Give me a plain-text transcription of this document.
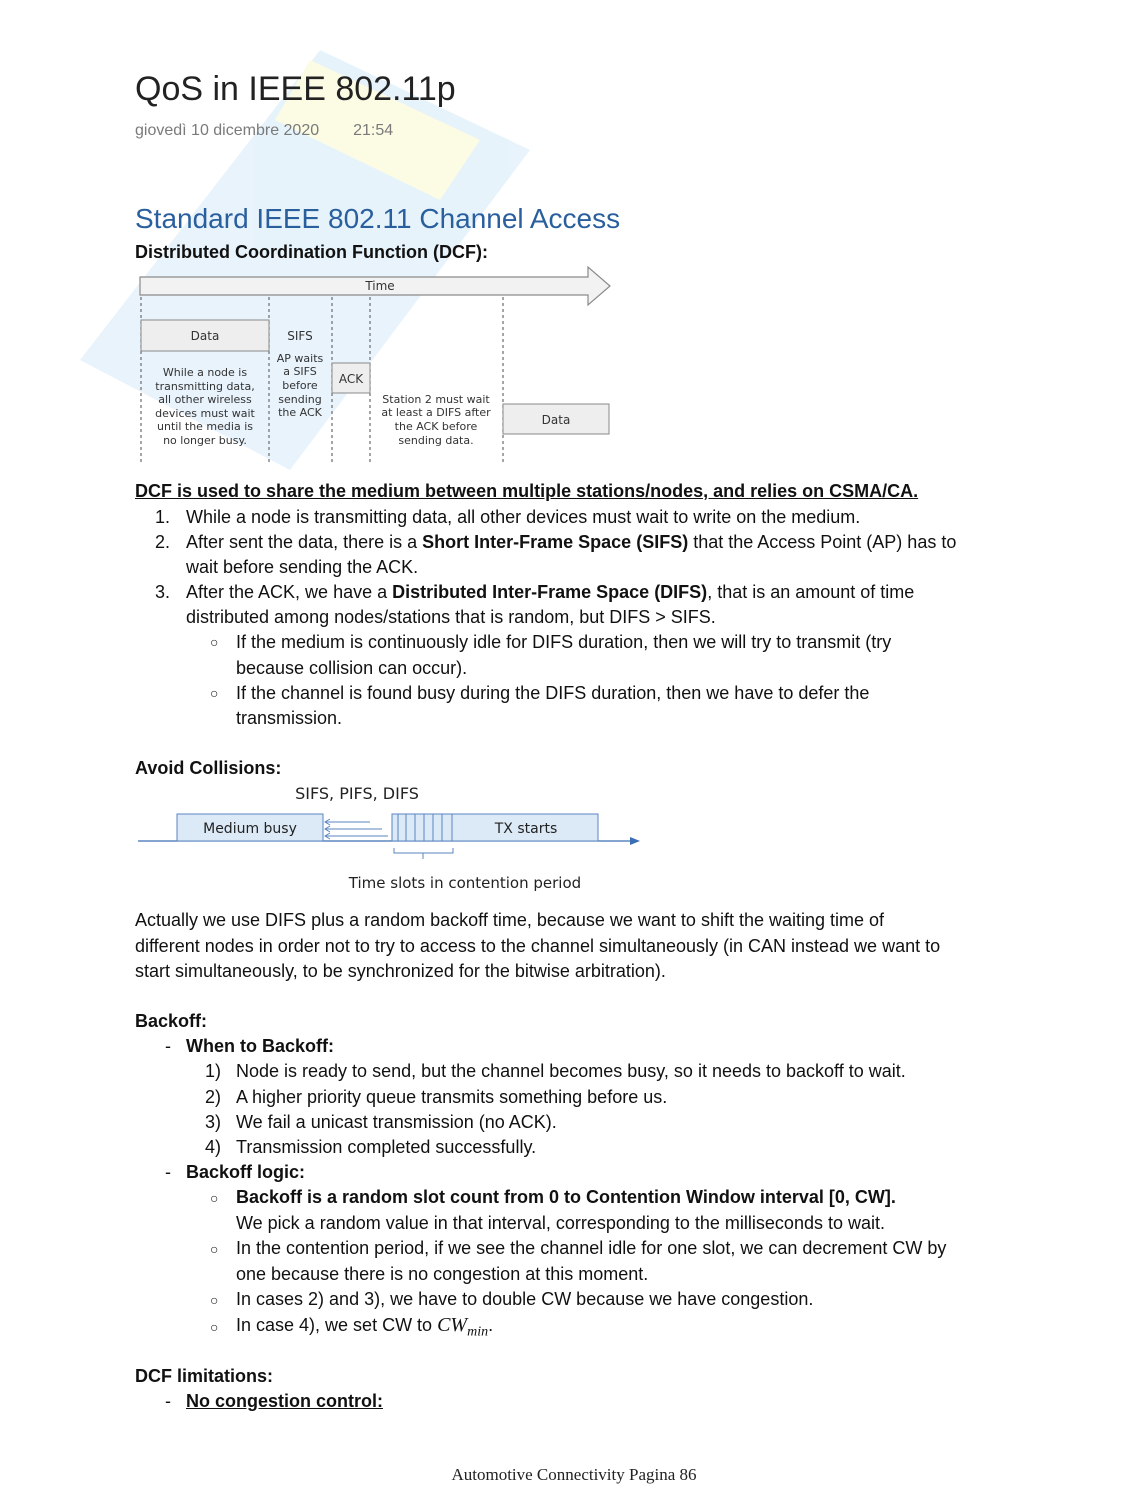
QoS in IEEE 802.11p
giovedì 10 dicembre 2020 21:54
Standard IEEE 802.11 Channel Access
Distributed Coordination Function (DCF):
Time
Data	SIFS
ACK
Data
While a node is
transmitting data,
all other wireless
devices must wait
until the media is
no longer busy.
AP waits
a SIFS
before
sending
the ACK
Station 2 must wait
at least a DIFS after
the ACK before
sending data.
DCF is used to share the medium between multiple stations/nodes, and relies on CSMA/CA.
1. While a node is transmitting data, all other devices must wait to write on the medium.
2. After sent the data, there is a Short Inter-Frame Space (SIFS) that the Access Point (AP) has to
wait before sending the ACK.
3. After the ACK, we have a Distributed Inter-Frame Space (DIFS), that is an amount of time
distributed among nodes/stations that is random, but DIFS > SIFS.
○ If the medium is continuously idle for DIFS duration, then we will try to transmit (try
because collision can occur).
○ If the channel is found busy during the DIFS duration, then we have to defer the
transmission.
Avoid Collisions:
SIFS, PIFS, DIFS
Medium busy	TX starts
Time slots in contention period
Actually we use DIFS plus a random backoff time, because we want to shift the waiting time of
different nodes in order not to try to access to the channel simultaneously (in CAN instead we want to
start simultaneously, to be synchronized for the bitwise arbitration).
Backoff:
- When to Backoff:
1) Node is ready to send, but the channel becomes busy, so it needs to backoff to wait.
2) A higher priority queue transmits something before us.
3) We fail a unicast transmission (no ACK).
4) Transmission completed successfully.
- Backoff logic:
○ Backoff is a random slot count from 0 to Contention Window interval [0, CW].
We pick a random value in that interval, corresponding to the milliseconds to wait.
○ In the contention period, if we see the channel idle for one slot, we can decrement CW by
one because there is no congestion at this moment.
○ In cases 2) and 3), we have to double CW because we have congestion.
○ In case 4), we set CW to $CW_{min}$.
DCF limitations:
- No congestion control:
Automotive Connectivity Pagina 86
